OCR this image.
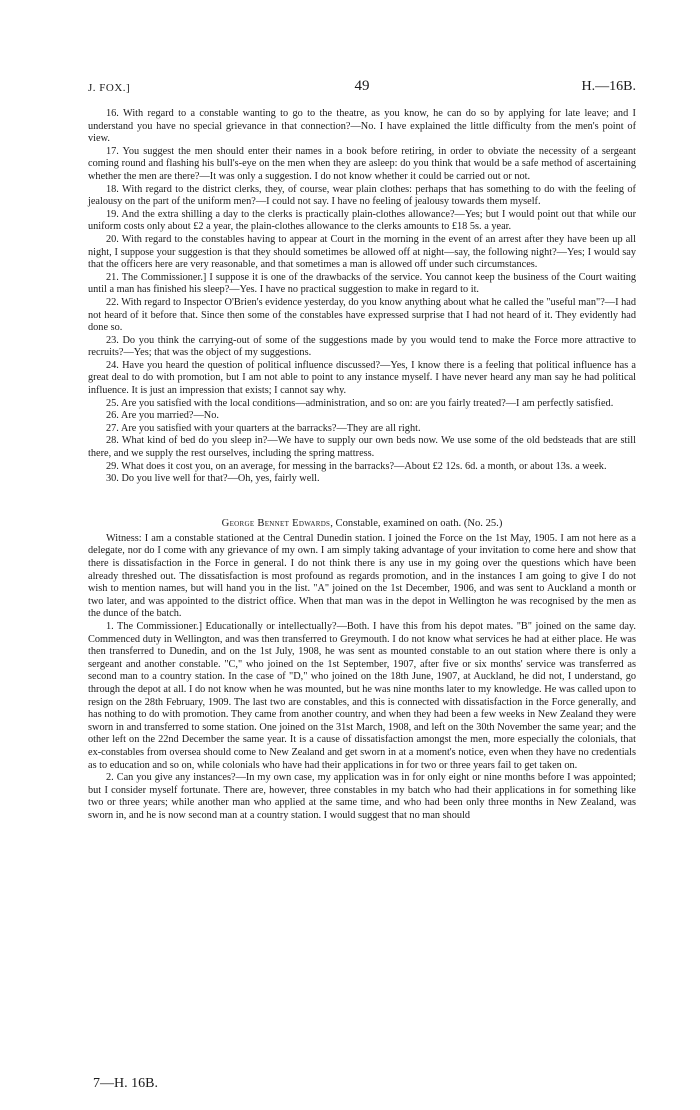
J. FOX.]	49	H.—16B.

16. With regard to a constable wanting to go to the theatre, as you know, he can do so by applying for late leave; and I understand you have no special grievance in that connection?—No. I have explained the little difficulty from the men's point of view.

17. You suggest the men should enter their names in a book before retiring, in order to obviate the necessity of a sergeant coming round and flashing his bull's-eye on the men when they are asleep: do you think that would be a safe method of ascertaining whether the men are there?—It was only a suggestion. I do not know whether it could be carried out or not.

18. With regard to the district clerks, they, of course, wear plain clothes: perhaps that has something to do with the feeling of jealousy on the part of the uniform men?—I could not say. I have no feeling of jealousy towards them myself.

19. And the extra shilling a day to the clerks is practically plain-clothes allowance?—Yes; but I would point out that while our uniform costs only about £2 a year, the plain-clothes allowance to the clerks amounts to £18 5s. a year.

20. With regard to the constables having to appear at Court in the morning in the event of an arrest after they have been up all night, I suppose your suggestion is that they should sometimes be allowed off at night—say, the following night?—Yes; I would say that the officers here are very reasonable, and that sometimes a man is allowed off under such circumstances.

21. The Commissioner.] I suppose it is one of the drawbacks of the service. You cannot keep the business of the Court waiting until a man has finished his sleep?—Yes. I have no practical suggestion to make in regard to it.

22. With regard to Inspector O'Brien's evidence yesterday, do you know anything about what he called the "useful man"?—I had not heard of it before that. Since then some of the constables have expressed surprise that I had not heard of it. They evidently had done so.

23. Do you think the carrying-out of some of the suggestions made by you would tend to make the Force more attractive to recruits?—Yes; that was the object of my suggestions.

24. Have you heard the question of political influence discussed?—Yes, I know there is a feeling that political influence has a great deal to do with promotion, but I am not able to point to any instance myself. I have never heard any man say he had political influence. It is just an impression that exists; I cannot say why.

25. Are you satisfied with the local conditions—administration, and so on: are you fairly treated?—I am perfectly satisfied.

26. Are you married?—No.

27. Are you satisfied with your quarters at the barracks?—They are all right.

28. What kind of bed do you sleep in?—We have to supply our own beds now. We use some of the old bedsteads that are still there, and we supply the rest ourselves, including the spring mattress.

29. What does it cost you, on an average, for messing in the barracks?—About £2 12s. 6d. a month, or about 13s. a week.

30. Do you live well for that?—Oh, yes, fairly well.

George Bennet Edwards, Constable, examined on oath. (No. 25.)

Witness: I am a constable stationed at the Central Dunedin station. I joined the Force on the 1st May, 1905. I am not here as a delegate, nor do I come with any grievance of my own. I am simply taking advantage of your invitation to come here and show that there is dissatisfaction in the Force in general. I do not think there is any use in my going over the questions which have been already threshed out. The dissatisfaction is most profound as regards promotion, and in the instances I am going to give I do not wish to mention names, but will hand you in the list. "A" joined on the 1st December, 1906, and was sent to Auckland a month or two later, and was appointed to the district office. When that man was in the depot in Wellington he was recognised by the men as the dunce of the batch.

1. The Commissioner.] Educationally or intellectually?—Both. I have this from his depot mates. "B" joined on the same day. Commenced duty in Wellington, and was then transferred to Greymouth. I do not know what services he had at either place. He was then transferred to Dunedin, and on the 1st July, 1908, he was sent as mounted constable to an out station where there is only a sergeant and another constable. "C," who joined on the 1st September, 1907, after five or six months' service was transferred as second man to a country station. In the case of "D," who joined on the 18th June, 1907, at Auckland, he did not, I understand, go through the depot at all. I do not know when he was mounted, but he was nine months later to my knowledge. He was called upon to resign on the 28th February, 1909. The last two are constables, and this is connected with dissatisfaction in the Force generally, and has nothing to do with promotion. They came from another country, and when they had been a few weeks in New Zealand they were sworn in and transferred to some station. One joined on the 31st March, 1908, and left on the 30th November the same year; and the other left on the 22nd December the same year. It is a cause of dissatisfaction amongst the men, more especially the colonials, that ex-constables from oversea should come to New Zealand and get sworn in at a moment's notice, even when they have no credentials as to education and so on, while colonials who have had their applications in for two or three years fail to get taken on.

2. Can you give any instances?—In my own case, my application was in for only eight or nine months before I was appointed; but I consider myself fortunate. There are, however, three constables in my batch who had their applications in for something like two or three years; while another man who applied at the same time, and who had been only three months in New Zealand, was sworn in, and he is now second man at a country station. I would suggest that no man should

7—H. 16B.
